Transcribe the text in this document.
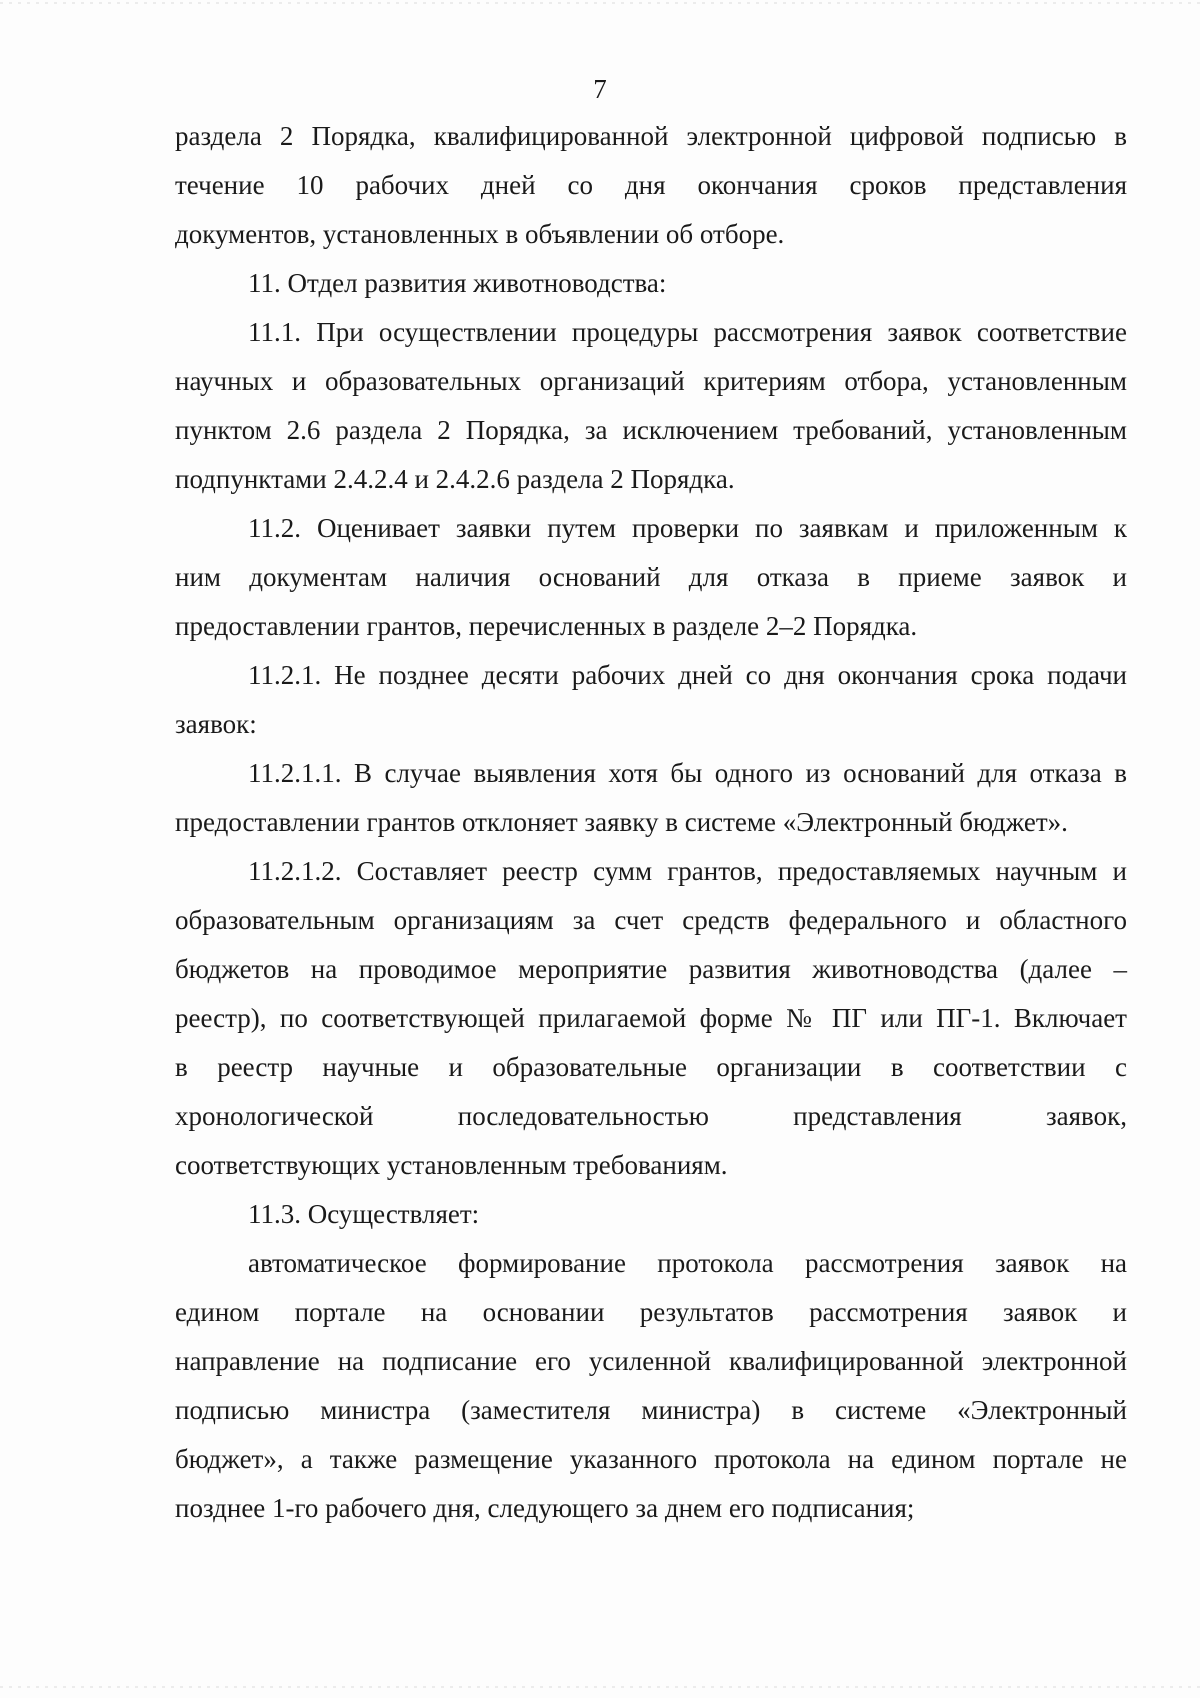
7
раздела 2 Порядка, квалифицированной электронной цифровой подписью в
течение 10 рабочих дней со дня окончания сроков представления
документов, установленных в объявлении об отборе.
11. Отдел развития животноводства:
11.1. При осуществлении процедуры рассмотрения заявок соответствие
научных и образовательных организаций критериям отбора, установленным
пунктом 2.6 раздела 2 Порядка, за исключением требований, установленным
подпунктами 2.4.2.4 и 2.4.2.6 раздела 2 Порядка.
11.2. Оценивает заявки путем проверки по заявкам и приложенным к
ним документам наличия оснований для отказа в приеме заявок и
предоставлении грантов, перечисленных в разделе 2–2 Порядка.
11.2.1. Не позднее десяти рабочих дней со дня окончания срока подачи
заявок:
11.2.1.1. В случае выявления хотя бы одного из оснований для отказа в
предоставлении грантов отклоняет заявку в системе «Электронный бюджет».
11.2.1.2. Составляет реестр сумм грантов, предоставляемых научным и
образовательным организациям за счет средств федерального и областного
бюджетов на проводимое мероприятие развития животноводства (далее –
реестр), по соответствующей прилагаемой форме № ПГ или ПГ-1. Включает
в реестр научные и образовательные организации в соответствии с
хронологической последовательностью представления заявок,
соответствующих установленным требованиям.
11.3. Осуществляет:
автоматическое формирование протокола рассмотрения заявок на
едином портале на основании результатов рассмотрения заявок и
направление на подписание его усиленной квалифицированной электронной
подписью министра (заместителя министра) в системе «Электронный
бюджет», а также размещение указанного протокола на едином портале не
позднее 1-го рабочего дня, следующего за днем его подписания;
